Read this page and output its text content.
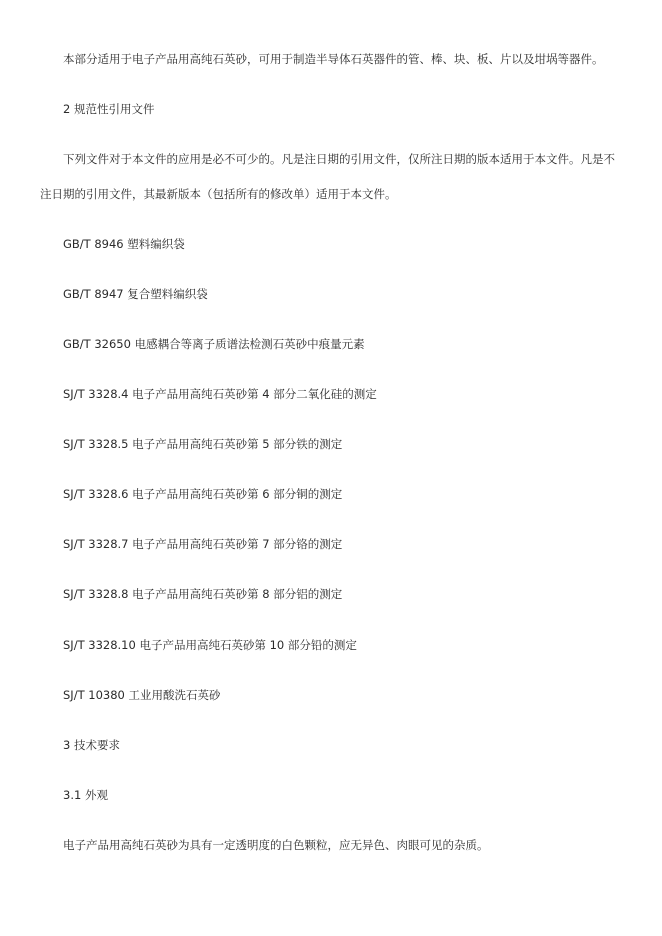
本部分适用于电子产品用高纯石英砂，可用于制造半导体石英器件的管、棒、块、板、片以及坩埚等器件。
2 规范性引用文件
下列文件对于本文件的应用是必不可少的。凡是注日期的引用文件，仅所注日期的版本适用于本文件。凡是不
注日期的引用文件，其最新版本（包括所有的修改单）适用于本文件。
GB/T 8946 塑料编织袋
GB/T 8947 复合塑料编织袋
GB/T 32650 电感耦合等离子质谱法检测石英砂中痕量元素
SJ/T 3328.4 电子产品用高纯石英砂第 4 部分二氧化硅的测定
SJ/T 3328.5 电子产品用高纯石英砂第 5 部分铁的测定
SJ/T 3328.6 电子产品用高纯石英砂第 6 部分铜的测定
SJ/T 3328.7 电子产品用高纯石英砂第 7 部分铬的测定
SJ/T 3328.8 电子产品用高纯石英砂第 8 部分铝的测定
SJ/T 3328.10 电子产品用高纯石英砂第 10 部分铅的测定
SJ/T 10380 工业用酸洗石英砂
3 技术要求
3.1 外观
电子产品用高纯石英砂为具有一定透明度的白色颗粒，应无异色、肉眼可见的杂质。
